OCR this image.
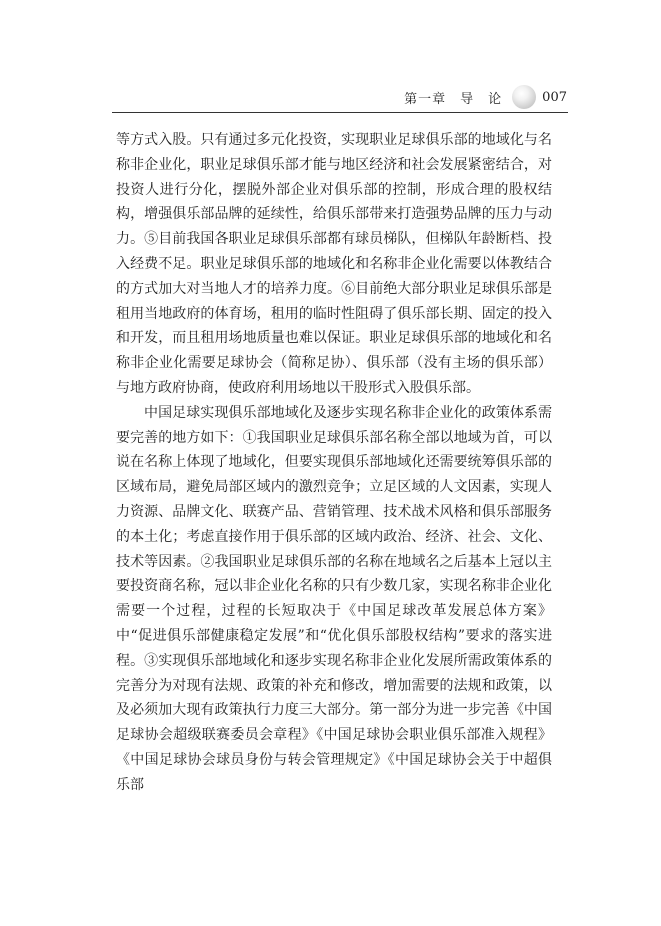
第一章　导　论	007

等方式入股。只有通过多元化投资，实现职业足球俱乐部的地域化与名称非企业化，职业足球俱乐部才能与地区经济和社会发展紧密结合，对投资人进行分化，摆脱外部企业对俱乐部的控制，形成合理的股权结构，增强俱乐部品牌的延续性，给俱乐部带来打造强势品牌的压力与动力。⑤目前我国各职业足球俱乐部都有球员梯队，但梯队年龄断档、投入经费不足。职业足球俱乐部的地域化和名称非企业化需要以体教结合的方式加大对当地人才的培养力度。⑥目前绝大部分职业足球俱乐部是租用当地政府的体育场，租用的临时性阻碍了俱乐部长期、固定的投入和开发，而且租用场地质量也难以保证。职业足球俱乐部的地域化和名称非企业化需要足球协会（简称足协）、俱乐部（没有主场的俱乐部）与地方政府协商，使政府利用场地以干股形式入股俱乐部。

中国足球实现俱乐部地域化及逐步实现名称非企业化的政策体系需要完善的地方如下：①我国职业足球俱乐部名称全部以地域为首，可以说在名称上体现了地域化，但要实现俱乐部地域化还需要统筹俱乐部的区域布局，避免局部区域内的激烈竞争；立足区域的人文因素，实现人力资源、品牌文化、联赛产品、营销管理、技术战术风格和俱乐部服务的本土化；考虑直接作用于俱乐部的区域内政治、经济、社会、文化、技术等因素。②我国职业足球俱乐部的名称在地域名之后基本上冠以主要投资商名称，冠以非企业化名称的只有少数几家，实现名称非企业化需要一个过程，过程的长短取决于《中国足球改革发展总体方案》中“促进俱乐部健康稳定发展”和“优化俱乐部股权结构”要求的落实进程。③实现俱乐部地域化和逐步实现名称非企业化发展所需政策体系的完善分为对现有法规、政策的补充和修改，增加需要的法规和政策，以及必须加大现有政策执行力度三大部分。第一部分为进一步完善《中国足球协会超级联赛委员会章程》《中国足球协会职业俱乐部准入规程》《中国足球协会球员身份与转会管理规定》《中国足球协会关于中超俱乐部
